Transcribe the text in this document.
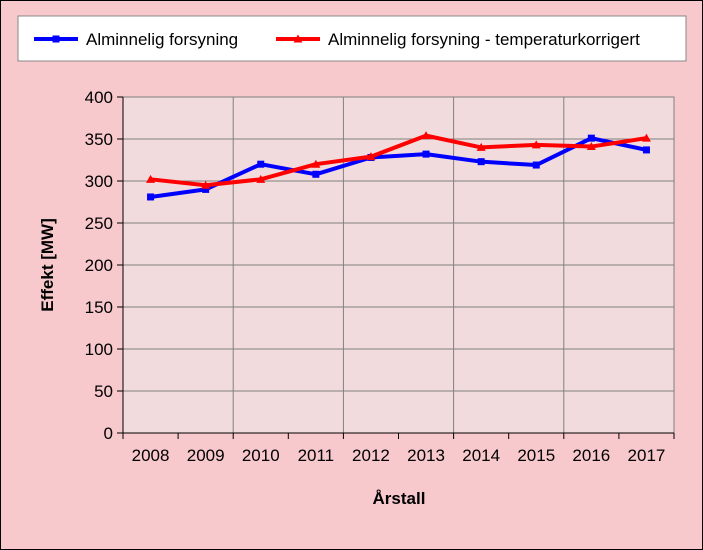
Alminnelig forsyning	Alminnelig forsyning - temperaturkorrigert
0
50
100
150
200
250
300
350
400
2008 2009 2010 2011 2012 2013 2014 2015 2016 2017
Effekt [MW]
Årstall
